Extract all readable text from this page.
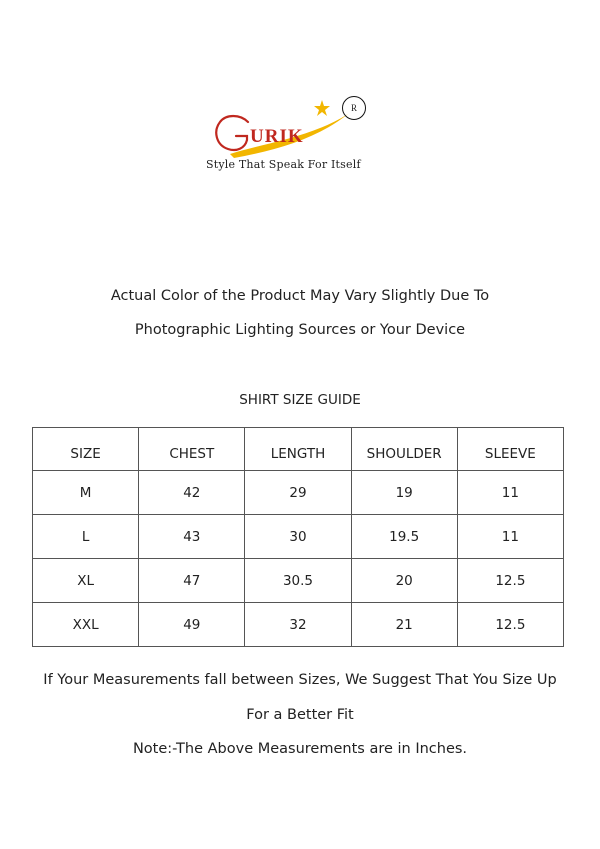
URIK
R
Style That Speak For Itself
Actual Color of the Product May Vary Slightly Due To
Photographic Lighting Sources or Your Device
SHIRT SIZE GUIDE
SIZE	CHEST	LENGTH	SHOULDER	SLEEVE
M	42	29	19	11
L	43	30	19.5	11
XL	47	30.5	20	12.5
XXL	49	32	21	12.5
If Your Measurements fall between Sizes, We Suggest That You Size Up
For a Better Fit
Note:-The Above Measurements are in Inches.
